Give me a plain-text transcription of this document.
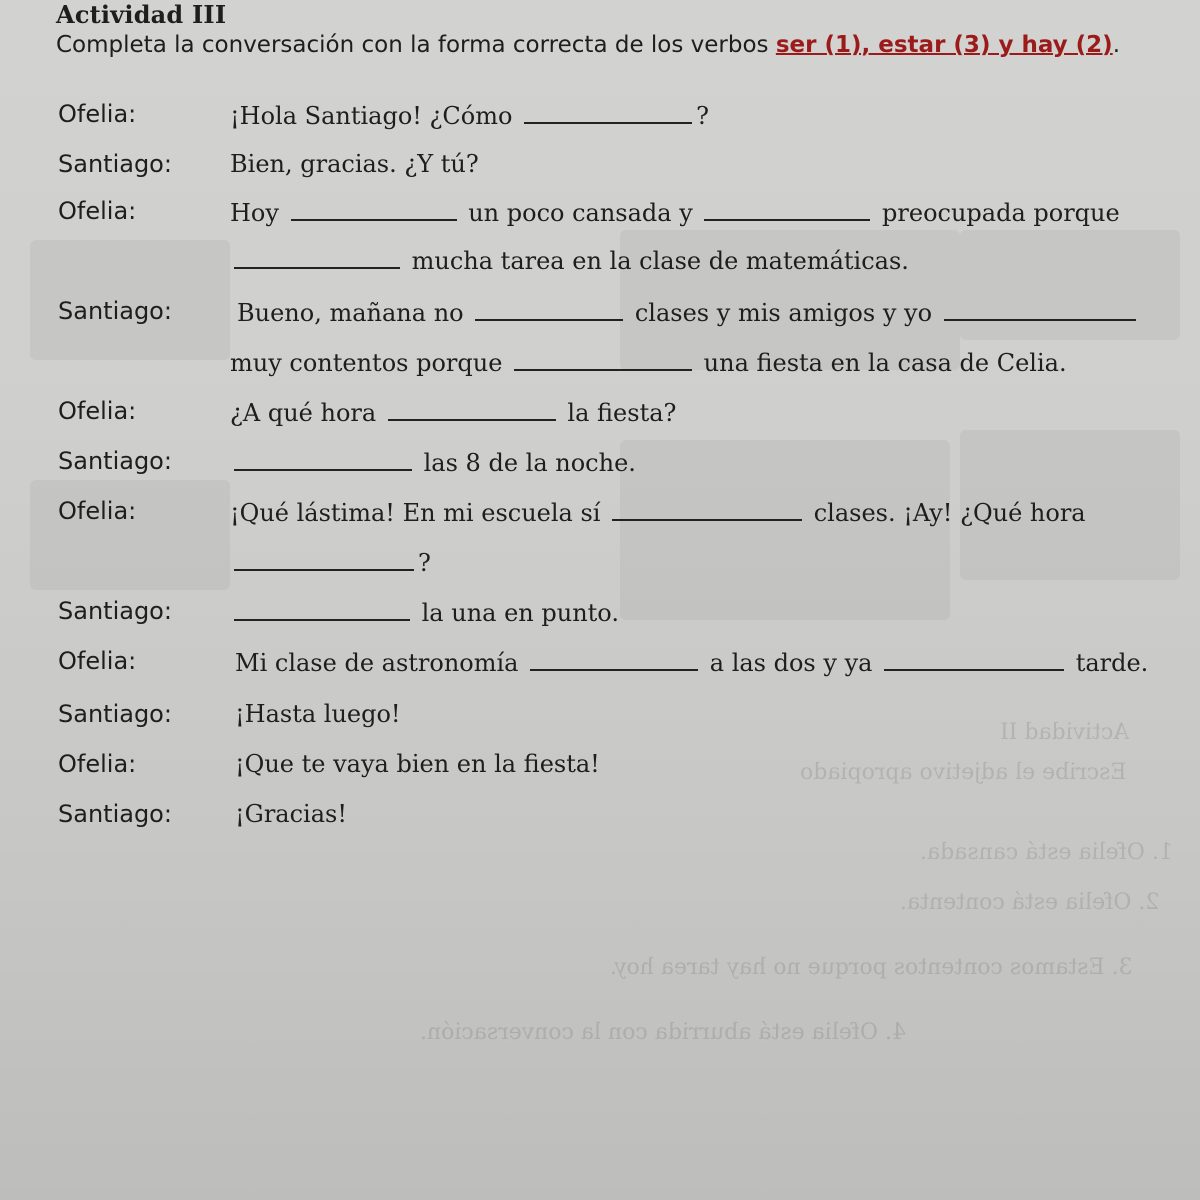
Actividad II
Escribe el adjetivo apropiado
1. Ofelia está cansada.
2. Ofelia está contenta.
3. Estamos contentos porque no hay tarea hoy.
4. Ofelia está aburrida con la conversación.
Actividad III
Completa la conversación con la forma correcta de los verbos ser (1), estar (3) y hay (2).
Ofelia:	¡Hola Santiago! ¿Cómo	?
Santiago: Bien, gracias. ¿Y tú?
Ofelia:	Hoy	un poco cansada y	preocupada porque
mucha tarea en la clase de matemáticas.
Santiago:	Bueno, mañana no	clases y mis amigos y yo
muy contentos porque	una fiesta en la casa de Celia.
Ofelia:	¿A qué hora	la fiesta?
Santiago:	las 8 de la noche.
Ofelia:	¡Qué lástima! En mi escuela sí	clases. ¡Ay! ¿Qué hora
?
Santiago:	la una en punto.
Ofelia:	Mi clase de astronomía	a las dos y ya	tarde.
Santiago:	¡Hasta luego!
Ofelia:	¡Que te vaya bien en la fiesta!
Santiago:	¡Gracias!
